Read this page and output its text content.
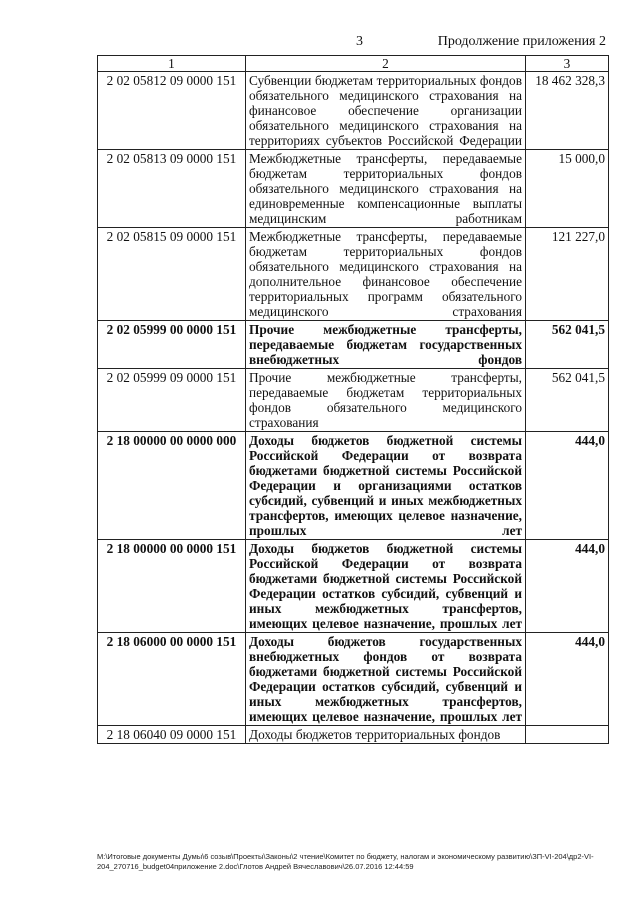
3	Продолжение приложения 2
1	2	3
2 02 05812 09 0000 151	Субвенции бюджетам территориальных фондов обязательного медицинского страхования на финансовое обеспечение организации обязательного медицинского страхования на территориях субъектов Российской Федерации	18 462 328,3
2 02 05813 09 0000 151	Межбюджетные трансферты, передаваемые бюджетам территориальных фондов обязательного медицинского страхования на единовременные компенсационные выплаты медицинским работникам	15 000,0
2 02 05815 09 0000 151	Межбюджетные трансферты, передаваемые бюджетам территориальных фондов обязательного медицинского страхования на дополнительное финансовое обеспечение территориальных программ обязательного медицинского страхования	121 227,0
2 02 05999 00 0000 151	Прочие межбюджетные трансферты, передаваемые бюджетам государственных внебюджетных фондов	562 041,5
2 02 05999 09 0000 151	Прочие межбюджетные трансферты, передаваемые бюджетам территориальных фондов обязательного медицинского страхования	562 041,5
2 18 00000 00 0000 000	Доходы бюджетов бюджетной системы Российской Федерации от возврата бюджетами бюджетной системы Российской Федерации и организациями остатков субсидий, субвенций и иных межбюджетных трансфертов, имеющих целевое назначение, прошлых лет	444,0
2 18 00000 00 0000 151	Доходы бюджетов бюджетной системы Российской Федерации от возврата бюджетами бюджетной системы Российской Федерации остатков субсидий, субвенций и иных межбюджетных трансфертов, имеющих целевое назначение, прошлых лет	444,0
2 18 06000 00 0000 151	Доходы бюджетов государственных внебюджетных фондов от возврата бюджетами бюджетной системы Российской Федерации остатков субсидий, субвенций и иных межбюджетных трансфертов, имеющих целевое назначение, прошлых лет	444,0
2 18 06040 09 0000 151	Доходы бюджетов территориальных фондов	
M:\Итоговые документы Думы\6 созыв\Проекты\Законы\2 чтение\Комитет по бюджету, налогам и экономическому развитию\ЗП-VI-204\др2-VI-204_270716_budget04приложение 2.doc\Глотов Андрей Вячеславович\26.07.2016 12:44:59
